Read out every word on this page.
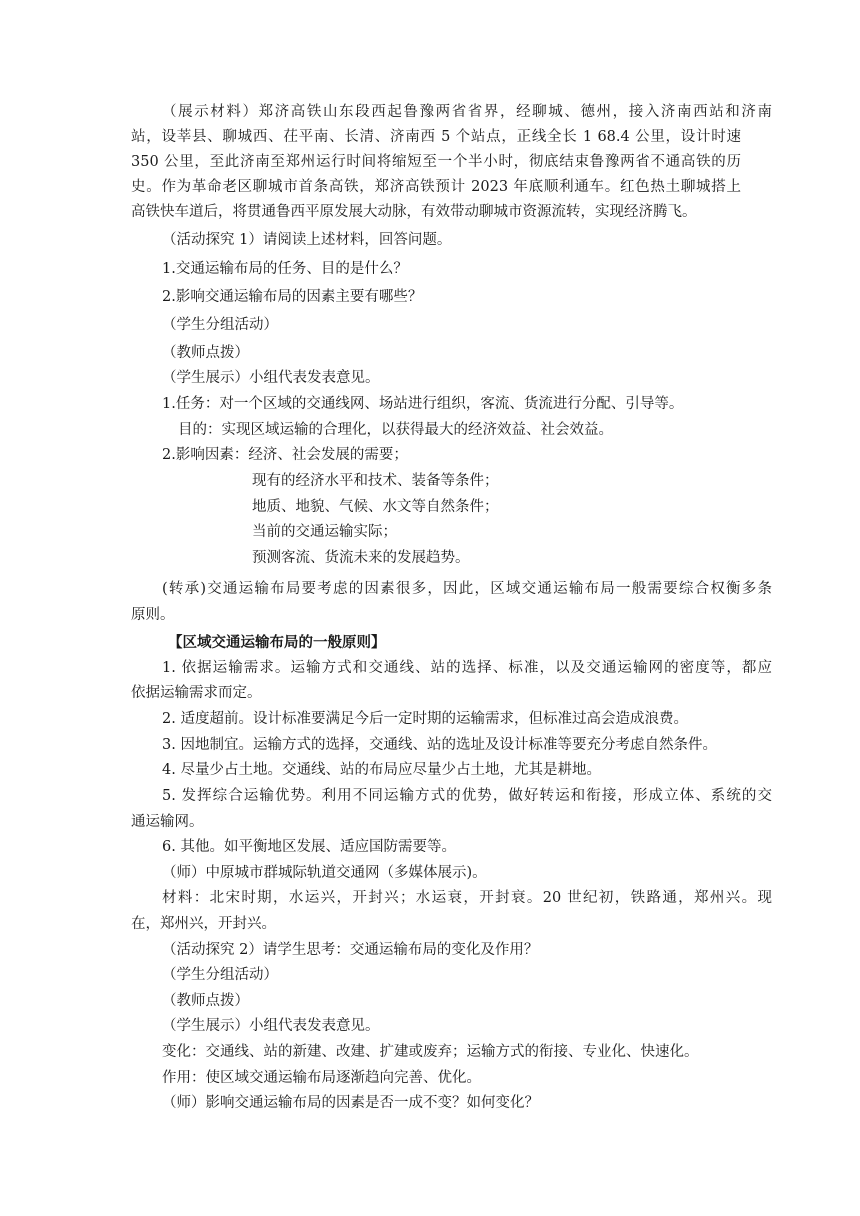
（展示材料）郑济高铁山东段西起鲁豫两省省界，经聊城、德州，接入济南西站和济南
站，设莘县、聊城西、茌平南、长清、济南西 5 个站点，正线全长 1 68.4 公里，设计时速
350 公里，至此济南至郑州运行时间将缩短至一个半小时，彻底结束鲁豫两省不通高铁的历
史。作为革命老区聊城市首条高铁，郑济高铁预计 2023 年底顺利通车。红色热土聊城搭上
高铁快车道后，将贯通鲁西平原发展大动脉，有效带动聊城市资源流转，实现经济腾飞。
（活动探究 1）请阅读上述材料，回答问题。
1.交通运输布局的任务、目的是什么？
2.影响交通运输布局的因素主要有哪些？
（学生分组活动）
（教师点拨）
（学生展示）小组代表发表意见。
1.任务：对一个区域的交通线网、场站进行组织，客流、货流进行分配、引导等。
目的：实现区域运输的合理化，以获得最大的经济效益、社会效益。
2.影响因素：经济、社会发展的需要；
现有的经济水平和技术、装备等条件；
地质、地貌、气候、水文等自然条件；
当前的交通运输实际；
预测客流、货流未来的发展趋势。
(转承)交通运输布局要考虑的因素很多，因此，区域交通运输布局一般需要综合权衡多条
原则。
【区域交通运输布局的一般原则】
1. 依据运输需求。运输方式和交通线、站的选择、标准，以及交通运输网的密度等，都应
依据运输需求而定。
2. 适度超前。设计标准要满足今后一定时期的运输需求，但标准过高会造成浪费。
3. 因地制宜。运输方式的选择，交通线、站的选址及设计标准等要充分考虑自然条件。
4. 尽量少占土地。交通线、站的布局应尽量少占土地，尤其是耕地。
5. 发挥综合运输优势。利用不同运输方式的优势，做好转运和衔接，形成立体、系统的交
通运输网。
6. 其他。如平衡地区发展、适应国防需要等。
（师）中原城市群城际轨道交通网（多媒体展示)。
材料：北宋时期，水运兴，开封兴；水运衰，开封衰。20 世纪初，铁路通，郑州兴。现
在，郑州兴，开封兴。
（活动探究 2）请学生思考：交通运输布局的变化及作用？
（学生分组活动）
（教师点拨）
（学生展示）小组代表发表意见。
变化：交通线、站的新建、改建、扩建或废弃；运输方式的衔接、专业化、快速化。
作用：使区域交通运输布局逐渐趋向完善、优化。
（师）影响交通运输布局的因素是否一成不变？如何变化？
